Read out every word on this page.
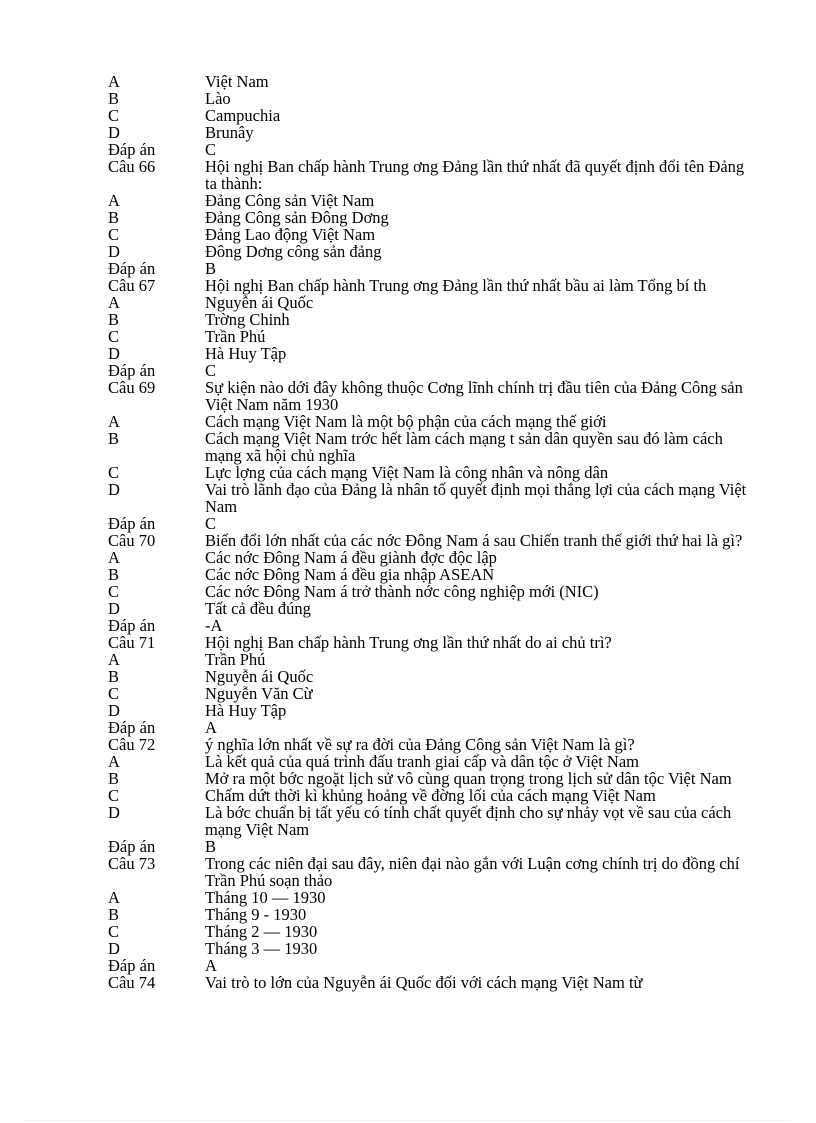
A	Việt Nam
B	Lào
C	Campuchia
D	Brunây
Đáp án	C
Câu 66	Hội nghị Ban chấp hành Trung ơng Đảng lần thứ nhất đã quyết định đổi tên Đảng ta thành:
A	Đảng Công sản Việt Nam
B	Đảng Công sản Đông Dơng
C	Đảng Lao động Việt Nam
D	Đông Dơng công sản đảng
Đáp án	B
Câu 67	Hội nghị Ban chấp hành Trung ơng Đảng lần thứ nhất bầu ai làm Tổng bí th
A	Nguyễn ái Quốc
B	Trờng Chinh
C	Trần Phú
D	Hà Huy Tập
Đáp án	C
Câu 69	Sự kiện nào dới đây không thuộc Cơng lĩnh chính trị đầu tiên của Đảng Công sản Việt Nam năm 1930
A	Cách mạng Việt Nam là một bộ phận của cách mạng thế giới
B	Cách mạng Việt Nam trớc hết làm cách mạng t sản dân quyền sau đó làm cách mạng xã hội chủ nghĩa
C	Lực lợng của cách mạng Việt Nam là công nhân và nông dân
D	Vai trò lãnh đạo của Đảng là nhân tố quyết định mọi thắng lợi của cách mạng Việt Nam
Đáp án	C
Câu 70	Biến đổi lớn nhất của các nớc Đông Nam á sau Chiến tranh thế giới thứ hai là gì?
A	Các nớc Đông Nam á đều giành đợc độc lập
B	Các nớc Đông Nam á đều gia nhập ASEAN
C	Các nớc Đông Nam á trở thành nớc công nghiệp mới (NIC)
D	Tất cả đều đúng
Đáp án	-A
Câu 71	Hội nghị Ban chấp hành Trung ơng lần thứ nhất do ai chủ trì?
A	Trần Phú
B	Nguyễn ái Quốc
C	Nguyễn Văn Cừ
D	Hà Huy Tập
Đáp án	A
Câu 72	ý nghĩa lớn nhất về sự ra đời của Đảng Công sản Việt Nam là gì?
A	Là kết quả của quá trình đấu tranh giai cấp và dân tộc ở Việt Nam
B	Mở ra một bớc ngoặt lịch sử vô cùng quan trọng trong lịch sử dân tộc Việt Nam
C	Chấm dứt thời kì khủng hoảng về đờng lối của cách mạng Việt Nam
D	Là bớc chuẩn bị tất yếu có tính chất quyết định cho sự nhảy vọt về sau của cách mạng Việt Nam
Đáp án	B
Câu 73	Trong các niên đại sau đây, niên đại nào gắn với Luận cơng chính trị do đồng chí Trần Phú soạn thảo
A	Tháng 10 — 1930
B	Tháng 9 - 1930
C	Tháng 2 — 1930
D	Tháng 3 — 1930
Đáp án	A
Câu 74	Vai trò to lớn của Nguyễn ái Quốc đối với cách mạng Việt Nam từ
